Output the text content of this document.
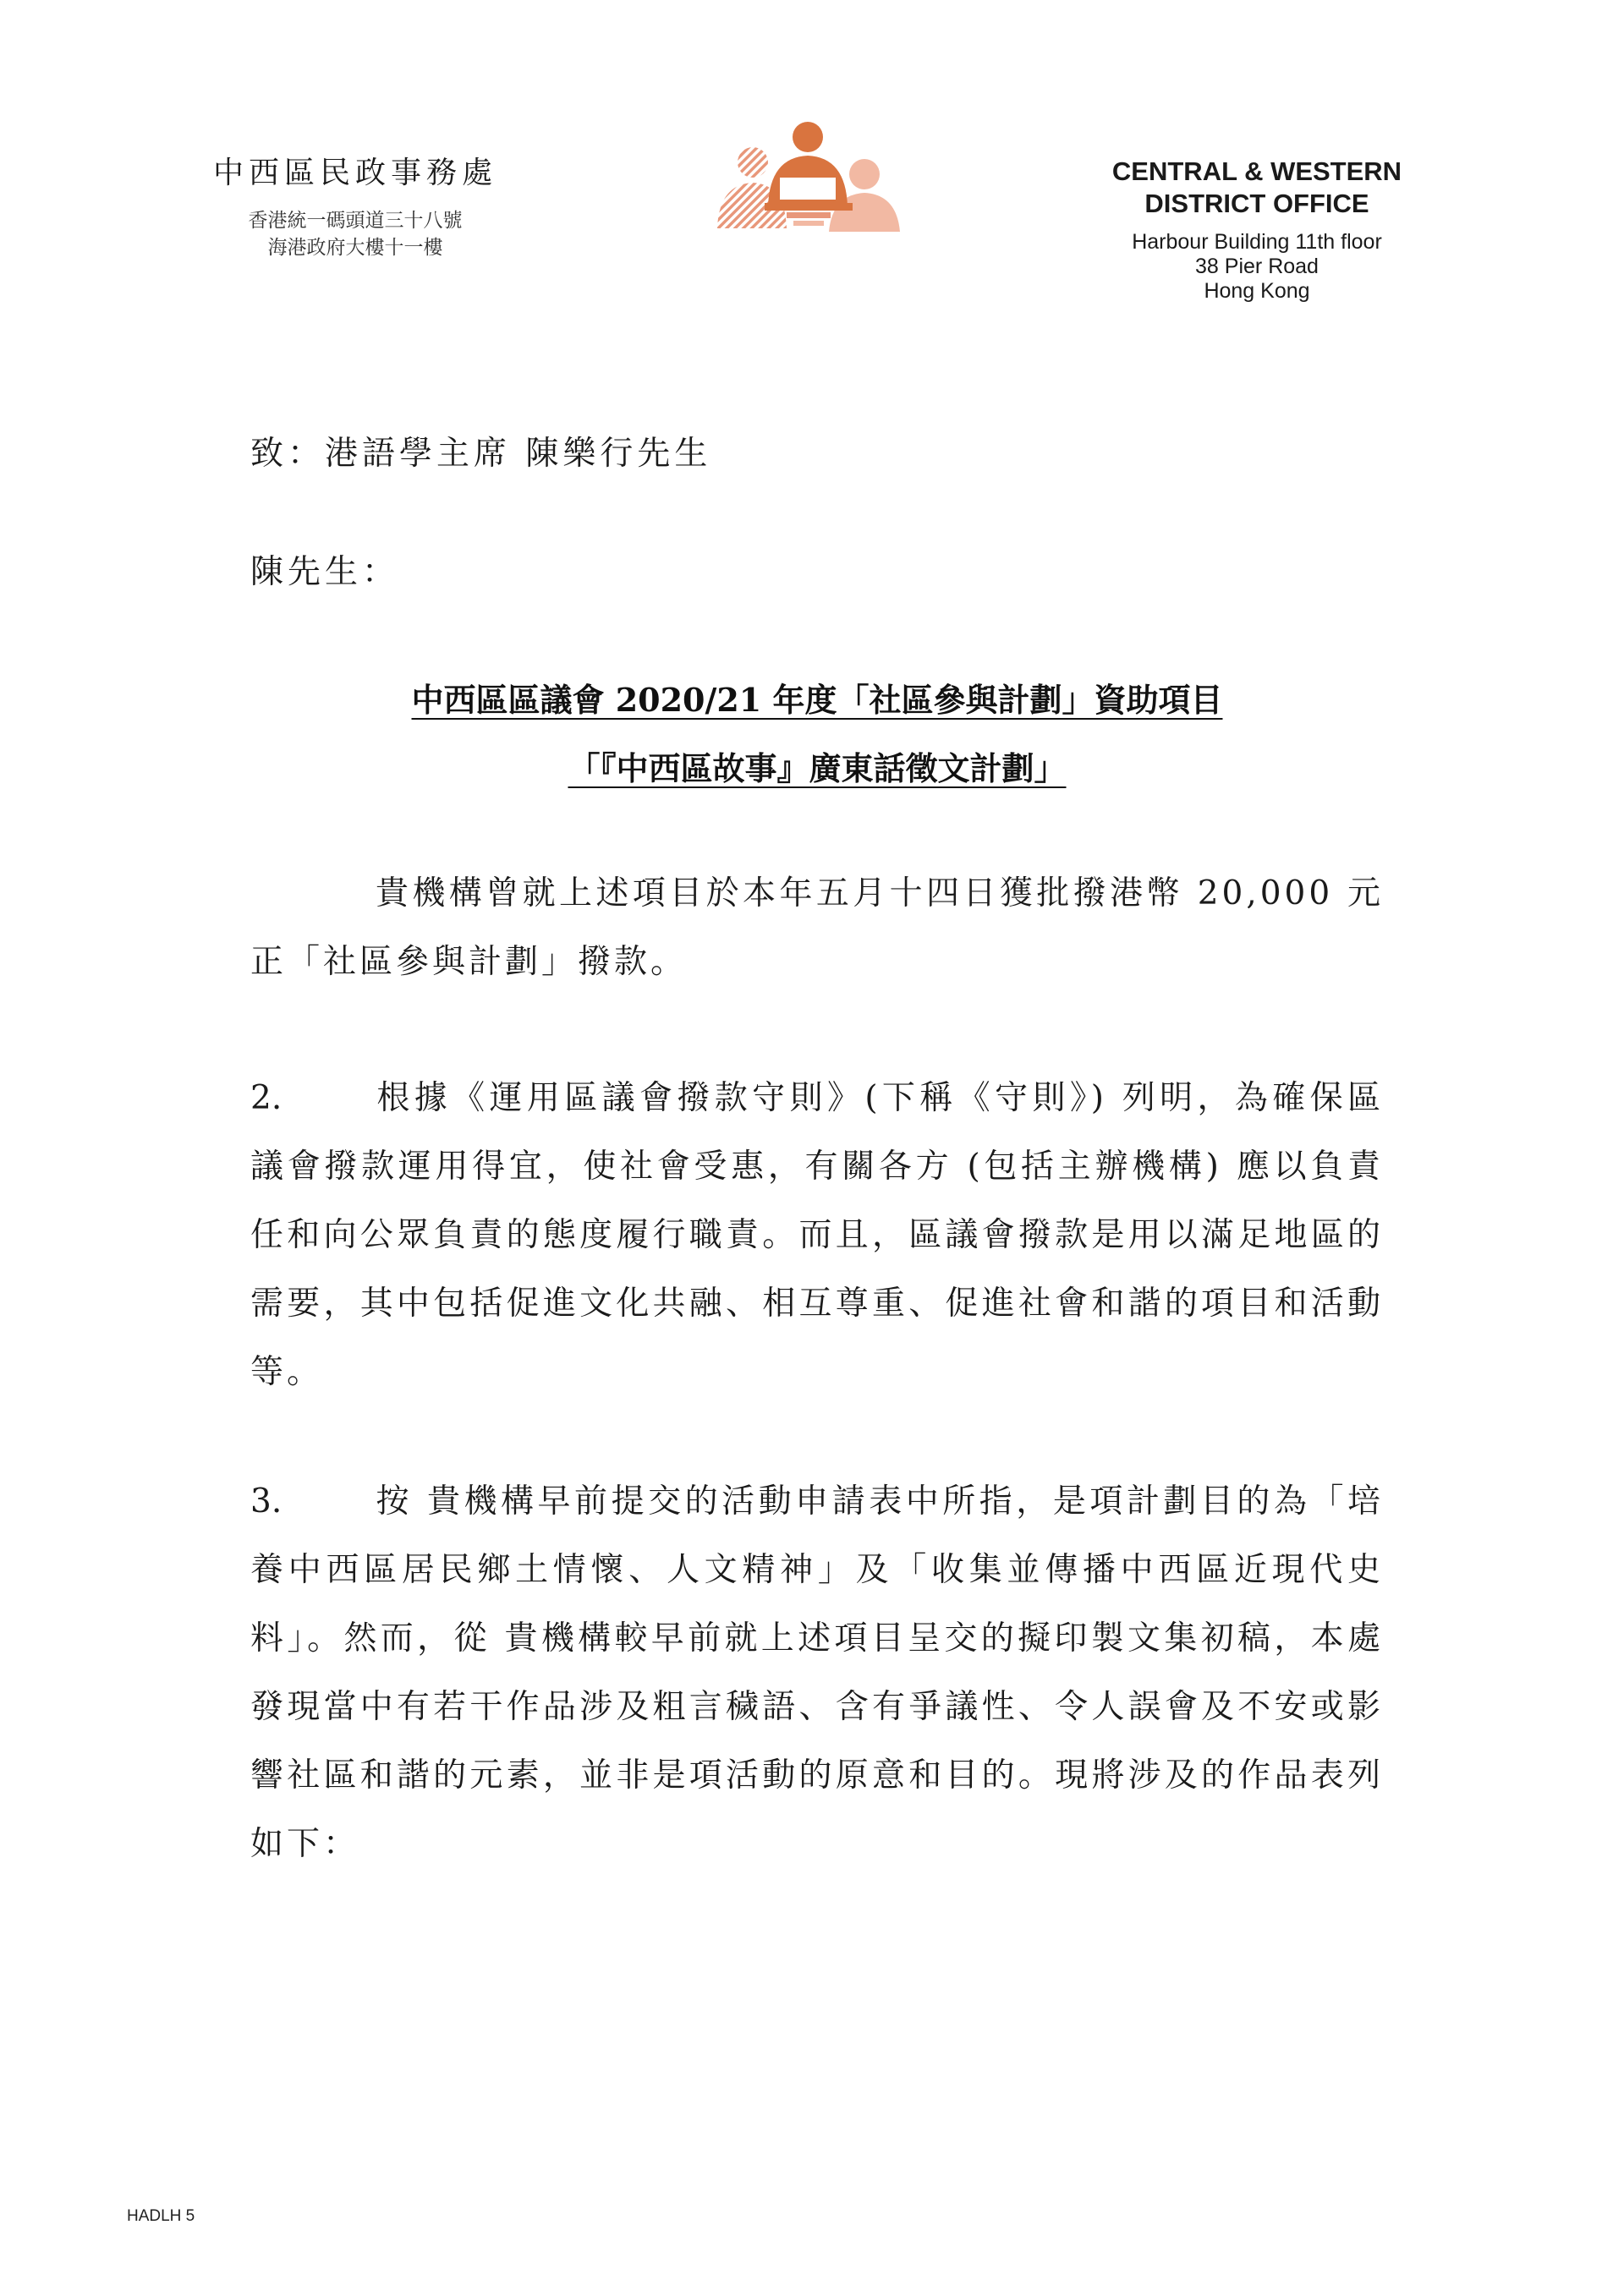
中西區民政事務處
香港統一碼頭道三十八號
海港政府大樓十一樓
CENTRAL & WESTERN
DISTRICT OFFICE
Harbour Building 11th floor
38 Pier Road
Hong Kong
致：港語學主席 陳樂行先生
陳先生：
中西區區議會 2020/21 年度「社區參與計劃」資助項目
「『中西區故事』廣東話徵文計劃」
貴機構曾就上述項目於本年五月十四日獲批撥港幣 20,000 元正「社區參與計劃」撥款。
2.	根據《運用區議會撥款守則》(下稱《守則》) 列明，為確保區議會撥款運用得宜，使社會受惠，有關各方 (包括主辦機構) 應以負責任和向公眾負責的態度履行職責。而且，區議會撥款是用以滿足地區的需要，其中包括促進文化共融、相互尊重、促進社會和諧的項目和活動等。
3.	按 貴機構早前提交的活動申請表中所指，是項計劃目的為「培養中西區居民鄉土情懷、人文精神」及「收集並傳播中西區近現代史料」。然而，從 貴機構較早前就上述項目呈交的擬印製文集初稿，本處發現當中有若干作品涉及粗言穢語、含有爭議性、令人誤會及不安或影響社區和諧的元素，並非是項活動的原意和目的。現將涉及的作品表列如下：
HADLH 5
